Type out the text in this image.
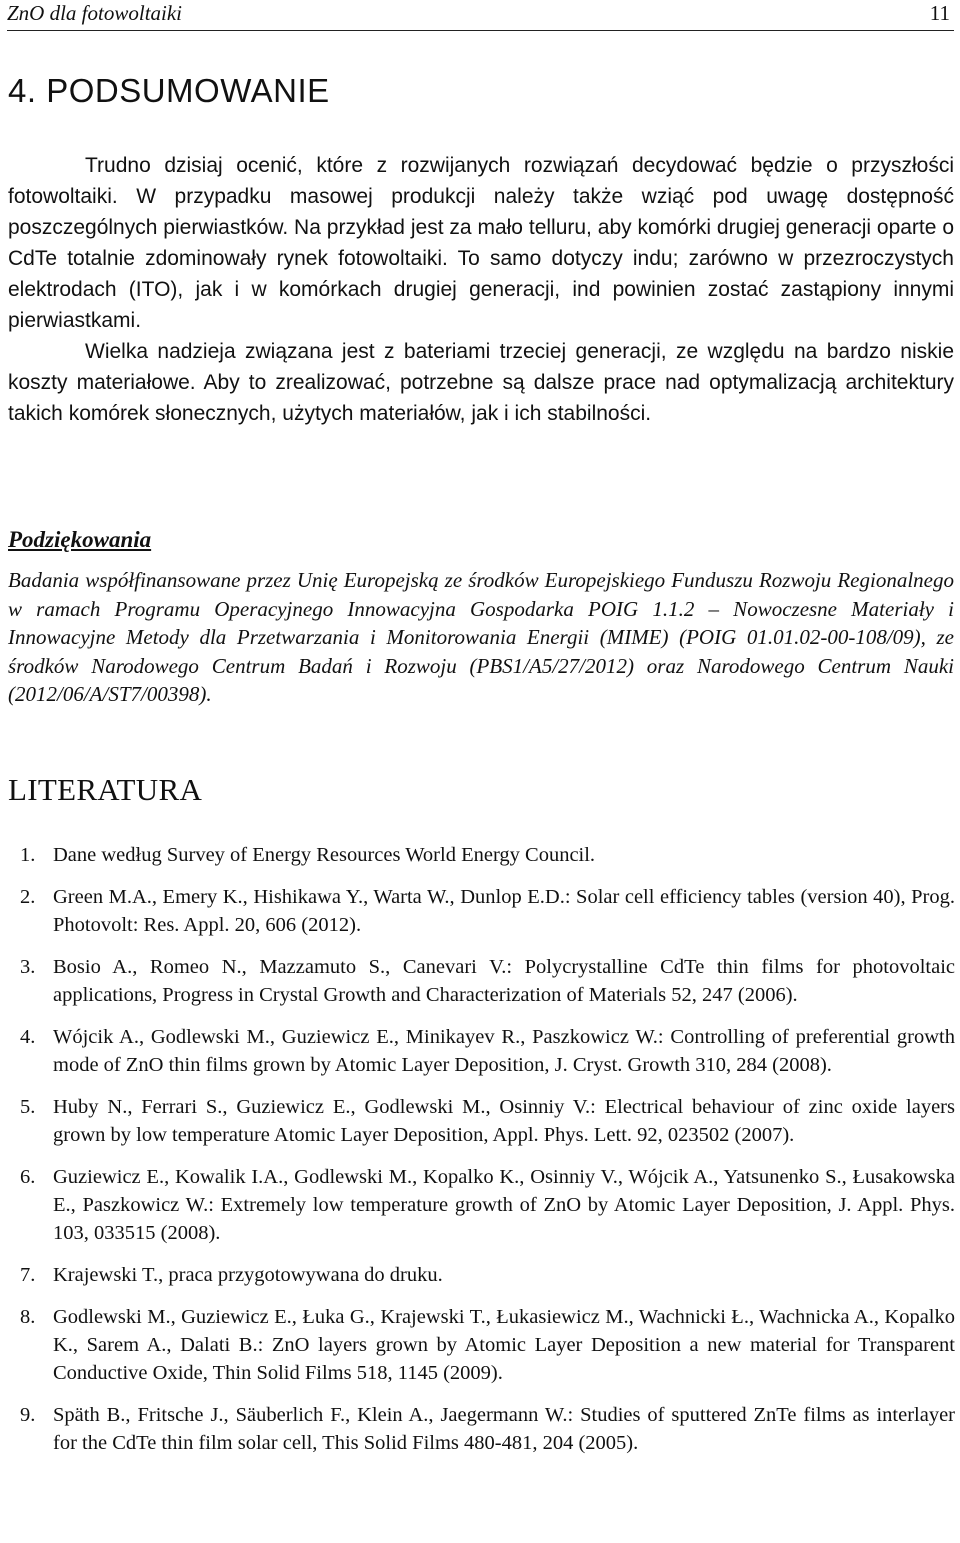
ZnO dla fotowoltaiki	11
4. PODSUMOWANIE

Trudno dzisiaj ocenić, które z rozwijanych rozwiązań decydować będzie o przyszłości fotowoltaiki. W przypadku masowej produkcji należy także wziąć pod uwagę dostępność poszczególnych pierwiastków. Na przykład jest za mało telluru, aby komórki drugiej generacji oparte o CdTe totalnie zdominowały rynek fotowoltaiki. To samo dotyczy indu; zarówno w przezroczystych elektrodach (ITO), jak i w komórkach drugiej generacji, ind powinien zostać zastąpiony innymi pierwiastkami.

Wielka nadzieja związana jest z bateriami trzeciej generacji, ze względu na bardzo niskie koszty materiałowe. Aby to zrealizować, potrzebne są dalsze prace nad optymalizacją architektury takich komórek słonecznych, użytych materiałów, jak i ich stabilności.

Podziękowania

Badania współfinansowane przez Unię Europejską ze środków Europejskiego Funduszu Rozwoju Regionalnego w ramach Programu Operacyjnego Innowacyjna Gospodarka POIG 1.1.2 – Nowoczesne Materiały i Innowacyjne Metody dla Przetwarzania i Monitorowania Energii (MIME) (POIG 01.01.02-00-108/09), ze środków Narodowego Centrum Badań i Rozwoju (PBS1/A5/27/2012) oraz Narodowego Centrum Nauki (2012/06/A/ST7/00398).

LITERATURA
1. Dane według Survey of Energy Resources World Energy Council.
2. Green M.A., Emery K., Hishikawa Y., Warta W., Dunlop E.D.: Solar cell efficiency tables (version 40), Prog. Photovolt: Res. Appl. 20, 606 (2012).
3. Bosio A., Romeo N., Mazzamuto S., Canevari V.: Polycrystalline CdTe thin films for photovoltaic applications, Progress in Crystal Growth and Characterization of Materials 52, 247 (2006).
4. Wójcik A., Godlewski M., Guziewicz E., Minikayev R., Paszkowicz W.: Controlling of preferential growth mode of ZnO thin films grown by Atomic Layer Deposition, J. Cryst. Growth 310, 284 (2008).
5. Huby N., Ferrari S., Guziewicz E., Godlewski M., Osinniy V.: Electrical behaviour of zinc oxide layers grown by low temperature Atomic Layer Deposition, Appl. Phys. Lett. 92, 023502 (2007).
6. Guziewicz E., Kowalik I.A., Godlewski M., Kopalko K., Osinniy V., Wójcik A., Yatsunenko S., Łusakowska E., Paszkowicz W.: Extremely low temperature growth of ZnO by Atomic Layer Deposition, J. Appl. Phys. 103, 033515 (2008).
7. Krajewski T., praca przygotowywana do druku.
8. Godlewski M., Guziewicz E., Łuka G., Krajewski T., Łukasiewicz M., Wachnicki Ł., Wachnicka A., Kopalko K., Sarem A., Dalati B.: ZnO layers grown by Atomic Layer Deposition a new material for Transparent Conductive Oxide, Thin Solid Films 518, 1145 (2009).
9. Späth B., Fritsche J., Säuberlich F., Klein A., Jaegermann W.: Studies of sputtered ZnTe films as interlayer for the CdTe thin film solar cell, This Solid Films 480-481, 204 (2005).
